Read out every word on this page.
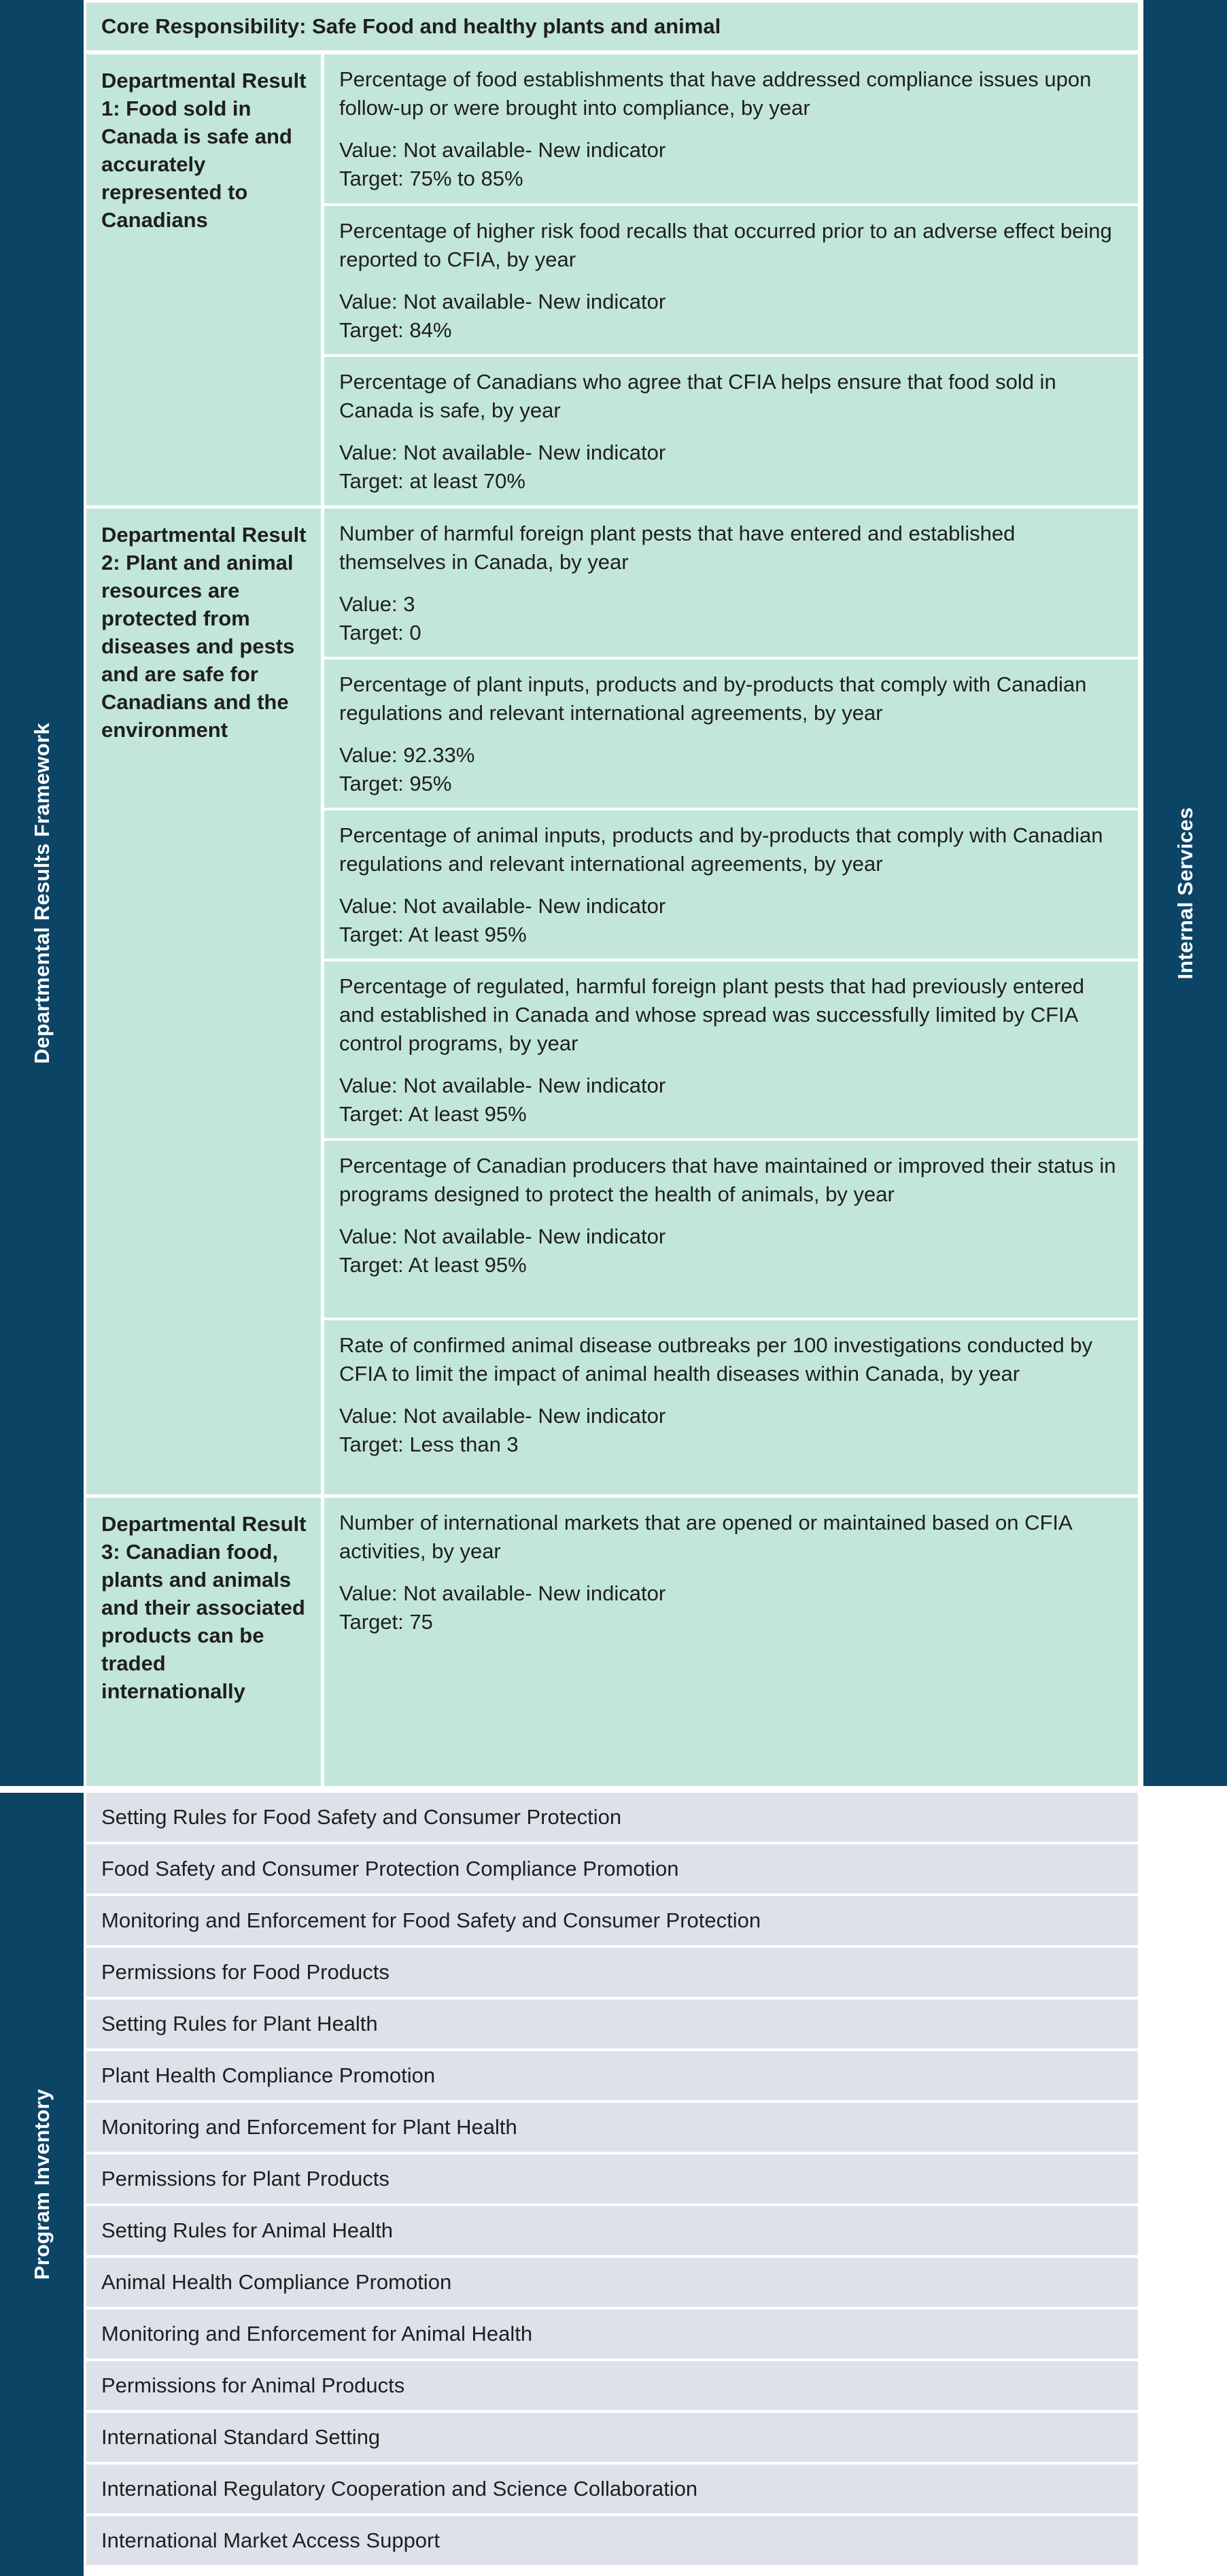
Departmental Results Framework
Program Inventory
Internal Services
Core Responsibility: Safe Food and healthy plants and animal
Departmental Result 1: Food sold in Canada is safe and accurately represented to Canadians
Departmental Result 2: Plant and animal resources are protected from diseases and pests and are safe for Canadians and the environment
Departmental Result 3: Canadian food, plants and animals and their associated products can be traded internationally
Percentage of food establishments that have addressed compliance issues upon follow-up or were brought into compliance, by year
Value: Not available- New indicator
Target: 75% to 85%
Percentage of higher risk food recalls that occurred prior to an adverse effect being reported to CFIA, by year
Value: Not available- New indicator
Target: 84%
Percentage of Canadians who agree that CFIA helps ensure that food sold in Canada is safe, by year
Value: Not available- New indicator
Target: at least 70%
Number of harmful foreign plant pests that have entered and established themselves in Canada, by year
Value: 3
Target: 0
Percentage of plant inputs, products and by-products that comply with Canadian regulations and relevant international agreements, by year
Value: 92.33%
Target: 95%
Percentage of animal inputs, products and by-products that comply with Canadian regulations and relevant international agreements, by year
Value: Not available- New indicator
Target: At least 95%
Percentage of regulated, harmful foreign plant pests that had previously entered and established in Canada and whose spread was successfully limited by CFIA control programs, by year
Value: Not available- New indicator
Target: At least 95%
Percentage of Canadian producers that have maintained or improved their status in programs designed to protect the health of animals, by year
Value: Not available- New indicator
Target: At least 95%
Rate of confirmed animal disease outbreaks per 100 investigations conducted by CFIA to limit the impact of animal health diseases within Canada, by year
Value: Not available- New indicator
Target: Less than 3
Number of international markets that are opened or maintained based on CFIA activities, by year
Value: Not available- New indicator
Target: 75
Setting Rules for Food Safety and Consumer Protection
Food Safety and Consumer Protection Compliance Promotion
Monitoring and Enforcement for Food Safety and Consumer Protection
Permissions for Food Products
Setting Rules for Plant Health
Plant Health Compliance Promotion
Monitoring and Enforcement for Plant Health
Permissions for Plant Products
Setting Rules for Animal Health
Animal Health Compliance Promotion
Monitoring and Enforcement for Animal Health
Permissions for Animal Products
International Standard Setting
International Regulatory Cooperation and Science Collaboration
International Market Access Support
